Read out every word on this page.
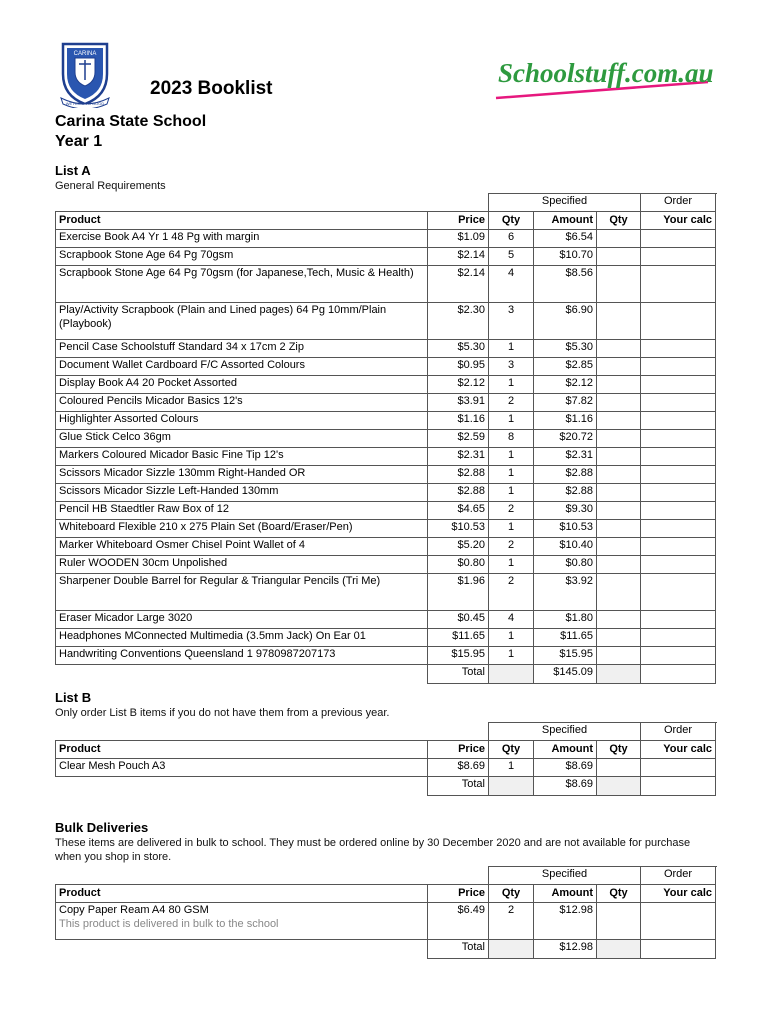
CARINA
WE HOLD TO GOOD
Schoolstuff.com.au
2023 Booklist
Carina State School
Year 1
List A
General Requirements
		Specified			Order
Product	Price	Qty	Amount	Qty	Your calc

Exercise Book A4 Yr 1 48 Pg with margin	$1.09	6	$6.54		

Scrapbook Stone Age 64 Pg 70gsm	$2.14	5	$10.70		

Scrapbook Stone Age 64 Pg 70gsm (for Japanese,Tech, Music & Health)	$2.14	4	$8.56		

Play/Activity Scrapbook (Plain and Lined pages) 64 Pg 10mm/Plain (Playbook)	$2.30	3	$6.90		

Pencil Case Schoolstuff Standard 34 x 17cm 2 Zip	$5.30	1	$5.30		

Document Wallet Cardboard F/C Assorted Colours	$0.95	3	$2.85		

Display Book A4 20 Pocket Assorted	$2.12	1	$2.12		

Coloured Pencils Micador Basics 12's	$3.91	2	$7.82		

Highlighter Assorted Colours	$1.16	1	$1.16		

Glue Stick Celco 36gm	$2.59	8	$20.72		

Markers Coloured Micador Basic Fine Tip 12's	$2.31	1	$2.31		

Scissors Micador Sizzle 130mm Right-Handed OR	$2.88	1	$2.88		

Scissors Micador Sizzle Left-Handed 130mm	$2.88	1	$2.88		

Pencil HB Staedtler Raw Box of 12	$4.65	2	$9.30		

Whiteboard Flexible 210 x 275 Plain Set (Board/Eraser/Pen)	$10.53	1	$10.53		

Marker Whiteboard Osmer Chisel Point Wallet of 4	$5.20	2	$10.40		

Ruler WOODEN 30cm Unpolished	$0.80	1	$0.80		

Sharpener Double Barrel for Regular & Triangular Pencils (Tri Me)	$1.96	2	$3.92		

Eraser Micador Large 3020	$0.45	4	$1.80		

Headphones MConnected Multimedia (3.5mm Jack) On Ear 01	$11.65	1	$11.65		

Handwriting Conventions Queensland 1 9780987207173	$15.95	1	$15.95		
	Total		$145.09		
List B
Only order List B items if you do not have them from a previous year.
		Specified			Order
Product	Price	Qty	Amount	Qty	Your calc

Clear Mesh Pouch A3	$8.69	1	$8.69		
	Total		$8.69		
Bulk Deliveries
These items are delivered in bulk to school. They must be ordered online by 30 December 2020 and are not available for purchase when you shop in store.
		Specified			Order
Product	Price	Qty	Amount	Qty	Your calc

Copy Paper Ream A4 80 GSM
This product is delivered in bulk to the school	$6.49	2	$12.98		
	Total		$12.98		
